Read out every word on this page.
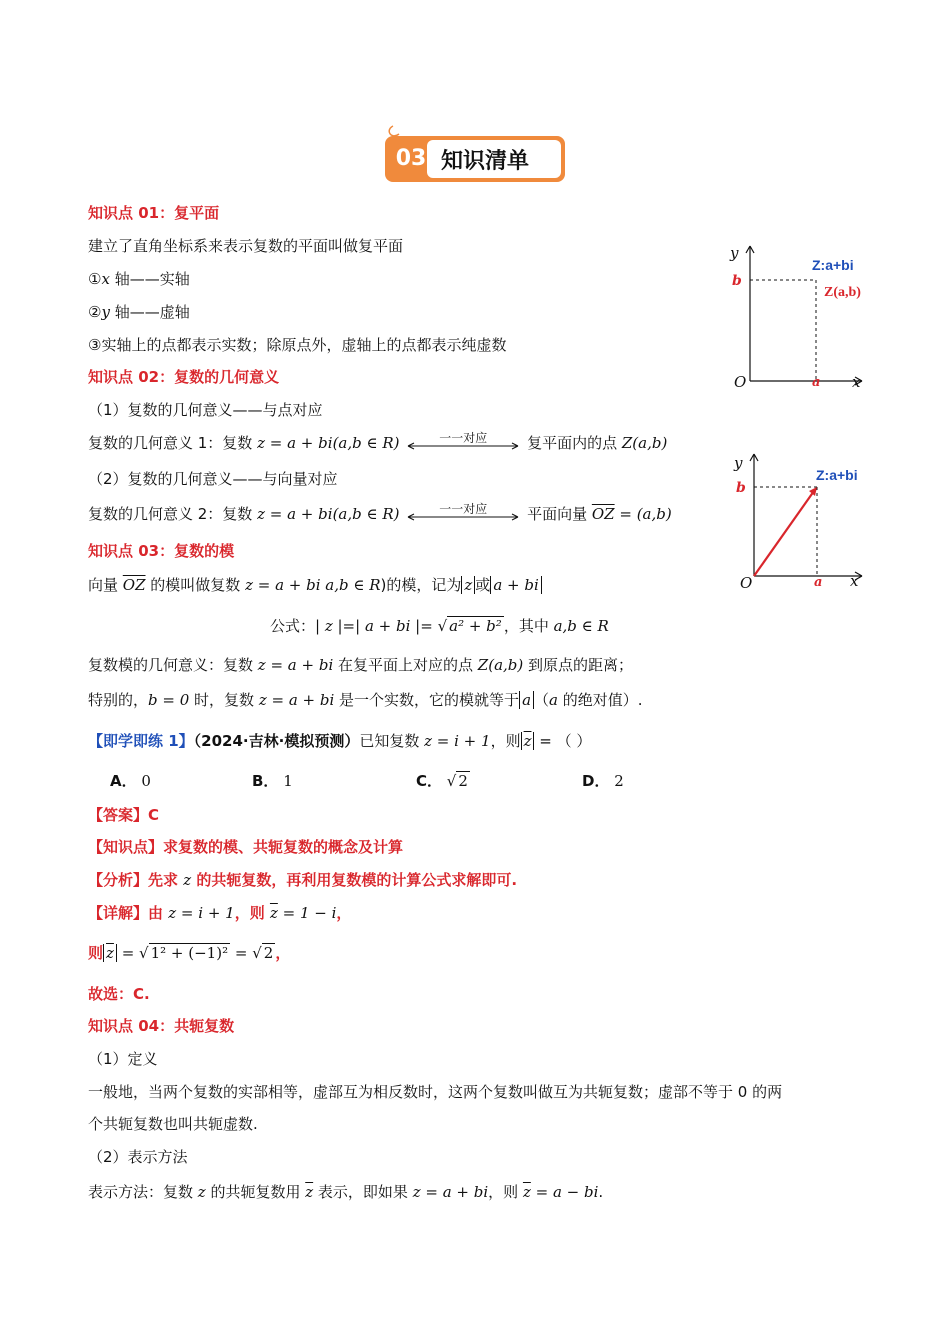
03 知识清单
知识点 01：复平面
建立了直角坐标系来表示复数的平面叫做复平面
①x 轴——实轴
②y 轴——虚轴
③实轴上的点都表示实数；除原点外，虚轴上的点都表示纯虚数
知识点 02：复数的几何意义
（1）复数的几何意义——与点对应
复数的几何意义 1：复数 z = a + bi(a,b ∈ R)	一一对应	复平面内的点 Z(a,b)
（2）复数的几何意义——与向量对应
复数的几何意义 2：复数 z = a + bi(a,b ∈ R)	一一对应	平面向量 $\overline{OZ} = (a,b)$
知识点 03：复数的模
向量 $\overline{OZ}$ 的模叫做复数 z = a + bi a,b ∈ R)的模，记为 z 或 a + bi
公式：| z |=| a + bi |= √ a² + b² ，其中 a,b ∈ R
复数模的几何意义：复数 z = a + bi 在复平面上对应的点 Z(a,b) 到原点的距离；
特别的，b = 0 时，复数 z = a + bi 是一个实数，它的模就等于 a （a 的绝对值）.
【即学即练 1】（2024·吉林·模拟预测）已知复数 z = i + 1，则 $\overline{z}$ = （ ）
A． 0	B． 1	C． √ 2	D． 2
【答案】C
【知识点】求复数的模、共轭复数的概念及计算
【分析】先求 z 的共轭复数，再利用复数模的计算公式求解即可.
【详解】由 z = i + 1，则 $\overline{z} = 1 - i$，
则 $\overline{z}$ = √ 1² + (−1)² = √ 2 ，
故选：C.
知识点 04：共轭复数
（1）定义
一般地，当两个复数的实部相等，虚部互为相反数时，这两个复数叫做互为共轭复数；虚部不等于 0 的两
个共轭复数也叫共轭虚数.
（2）表示方法
表示方法：复数 z 的共轭复数用 $\overline{z}$ 表示，即如果 z = a + bi，则 $\overline{z} = a$ − bi.
y
x
O
b
a
Z:a+bi
Z(a,b)
y
x
O
b
a
Z:a+bi
